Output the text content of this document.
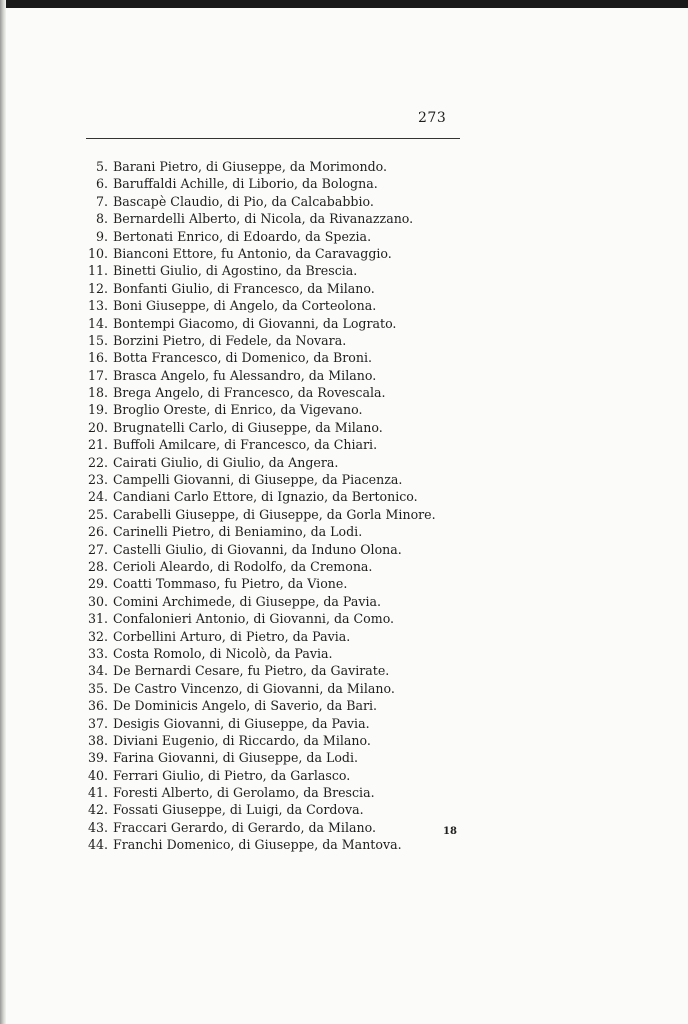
273
5. Barani Pietro, di Giuseppe, da Morimondo.
6. Baruffaldi Achille, di Liborio, da Bologna.
7. Bascapè Claudio, di Pio, da Calcababbio.
8. Bernardelli Alberto, di Nicola, da Rivanazzano.
9. Bertonati Enrico, di Edoardo, da Spezia.
10. Bianconi Ettore, fu Antonio, da Caravaggio.
11. Binetti Giulio, di Agostino, da Brescia.
12. Bonfanti Giulio, di Francesco, da Milano.
13. Boni Giuseppe, di Angelo, da Corteolona.
14. Bontempi Giacomo, di Giovanni, da Lograto.
15. Borzini Pietro, di Fedele, da Novara.
16. Botta Francesco, di Domenico, da Broni.
17. Brasca Angelo, fu Alessandro, da Milano.
18. Brega Angelo, di Francesco, da Rovescala.
19. Broglio Oreste, di Enrico, da Vigevano.
20. Brugnatelli Carlo, di Giuseppe, da Milano.
21. Buffoli Amilcare, di Francesco, da Chiari.
22. Cairati Giulio, di Giulio, da Angera.
23. Campelli Giovanni, di Giuseppe, da Piacenza.
24. Candiani Carlo Ettore, di Ignazio, da Bertonico.
25. Carabelli Giuseppe, di Giuseppe, da Gorla Minore.
26. Carinelli Pietro, di Beniamino, da Lodi.
27. Castelli Giulio, di Giovanni, da Induno Olona.
28. Cerioli Aleardo, di Rodolfo, da Cremona.
29. Coatti Tommaso, fu Pietro, da Vione.
30. Comini Archimede, di Giuseppe, da Pavia.
31. Confalonieri Antonio, di Giovanni, da Como.
32. Corbellini Arturo, di Pietro, da Pavia.
33. Costa Romolo, di Nicolò, da Pavia.
34. De Bernardi Cesare, fu Pietro, da Gavirate.
35. De Castro Vincenzo, di Giovanni, da Milano.
36. De Dominicis Angelo, di Saverio, da Bari.
37. Desigis Giovanni, di Giuseppe, da Pavia.
38. Diviani Eugenio, di Riccardo, da Milano.
39. Farina Giovanni, di Giuseppe, da Lodi.
40. Ferrari Giulio, di Pietro, da Garlasco.
41. Foresti Alberto, di Gerolamo, da Brescia.
42. Fossati Giuseppe, di Luigi, da Cordova.
43. Fraccari Gerardo, di Gerardo, da Milano.
44. Franchi Domenico, di Giuseppe, da Mantova.
18
